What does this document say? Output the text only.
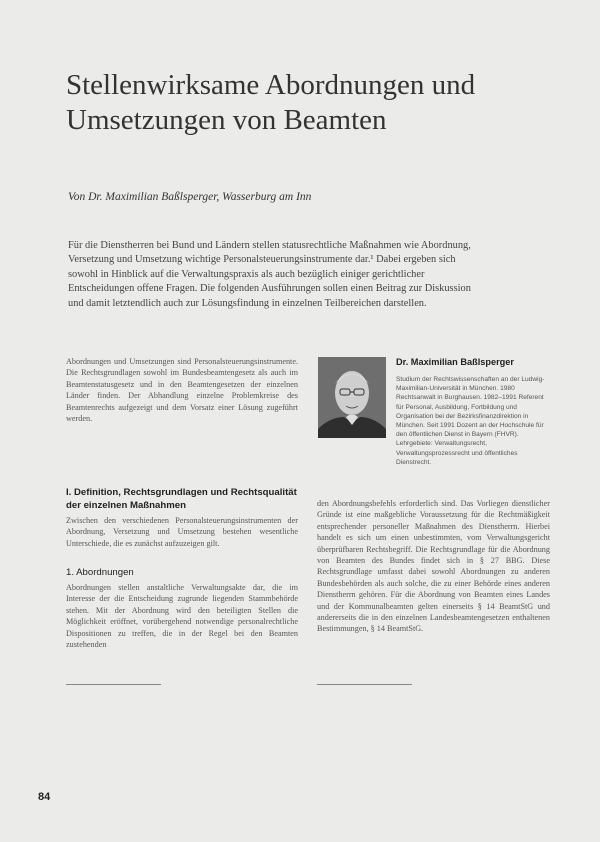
Stellenwirksame Abordnungen und Umsetzungen von Beamten
Von Dr. Maximilian Baßlsperger, Wasserburg am Inn

Für die Dienstherren bei Bund und Ländern stellen statusrechtliche Maßnahmen wie Abordnung, Versetzung und Umsetzung wichtige Personalsteuerungsinstrumente dar.¹ Dabei ergeben sich sowohl in Hinblick auf die Verwaltungspraxis als auch bezüglich einiger gerichtlicher Entscheidungen offene Fragen. Die folgenden Ausführungen sollen einen Beitrag zur Diskussion und damit letztendlich auch zur Lösungsfindung in einzelnen Teilbereichen darstellen.

Abordnungen und Umsetzungen sind Personalsteuerungsinstrumente. Die Rechtsgrundlagen sowohl im Bundesbeamtengesetz als auch im Beamtenstatusgesetz und in den Beamtengesetzen der einzelnen Länder finden. Der Abhandlung einzelne Problemkreise des Beamtenrechts aufgezeigt und dem Vorsatz einer Lösung zugeführt werden.

I. Definition, Rechtsgrundlagen und Rechtsqualität der einzelnen Maßnahmen

Zwischen den verschiedenen Personalsteuerungsinstrumenten der Abordnung, Versetzung und Umsetzung bestehen wesentliche Unterschiede, die es zunächst aufzuzeigen gilt.

1. Abordnungen

Abordnungen stellen anstaltliche Verwaltungsakte dar, die im Interesse der die Entscheidung zugrunde liegenden Stammbehörde stehen. Mit der Abordnung wird den beteiligten Stellen die Möglichkeit eröffnet, vorübergehend notwendige personalrechtliche Dispositionen zu treffen, die in der Regel bei den Beamten zustehenden

Dr. Maximilian Baßlsperger

Studium der Rechtswissenschaften an der Ludwig-Maximilian-Universität in München. 1980 Rechtsanwalt in Burghausen. 1982–1991 Referent für Personal, Ausbildung, Fortbildung und Organisation bei der Bezirksfinanzdirektion in München. Seit 1991 Dozent an der Hochschule für den öffentlichen Dienst in Bayern (FHVR). Lehrgebiete: Verwaltungsrecht, Verwaltungsprozessrecht und öffentliches Dienstrecht.

den Abordnungsbefehls erforderlich sind. Das Vorliegen dienstlicher Gründe ist eine maßgebliche Voraussetzung für die Rechtmäßigkeit entsprechender personeller Maßnahmen des Dienstherrn. Hierbei handelt es sich um einen unbestimmten, vom Verwaltungsgericht überprüfbaren Rechtsbegriff. Die Rechtsgrundlage für die Abordnung von Beamten des Bundes findet sich in § 27 BBG. Diese Rechtsgrundlage umfasst dabei sowohl Abordnungen zu anderen Bundesbehörden als auch solche, die zu einer Behörde eines anderen Dienstherrn gehören. Für die Abordnung von Beamten eines Landes und der Kommunalbeamten gelten einerseits § 14 BeamtStG und andererseits die in den einzelnen Landesbeamtengesetzen enthaltenen Bestimmungen, § 14 BeamtStG.

84
